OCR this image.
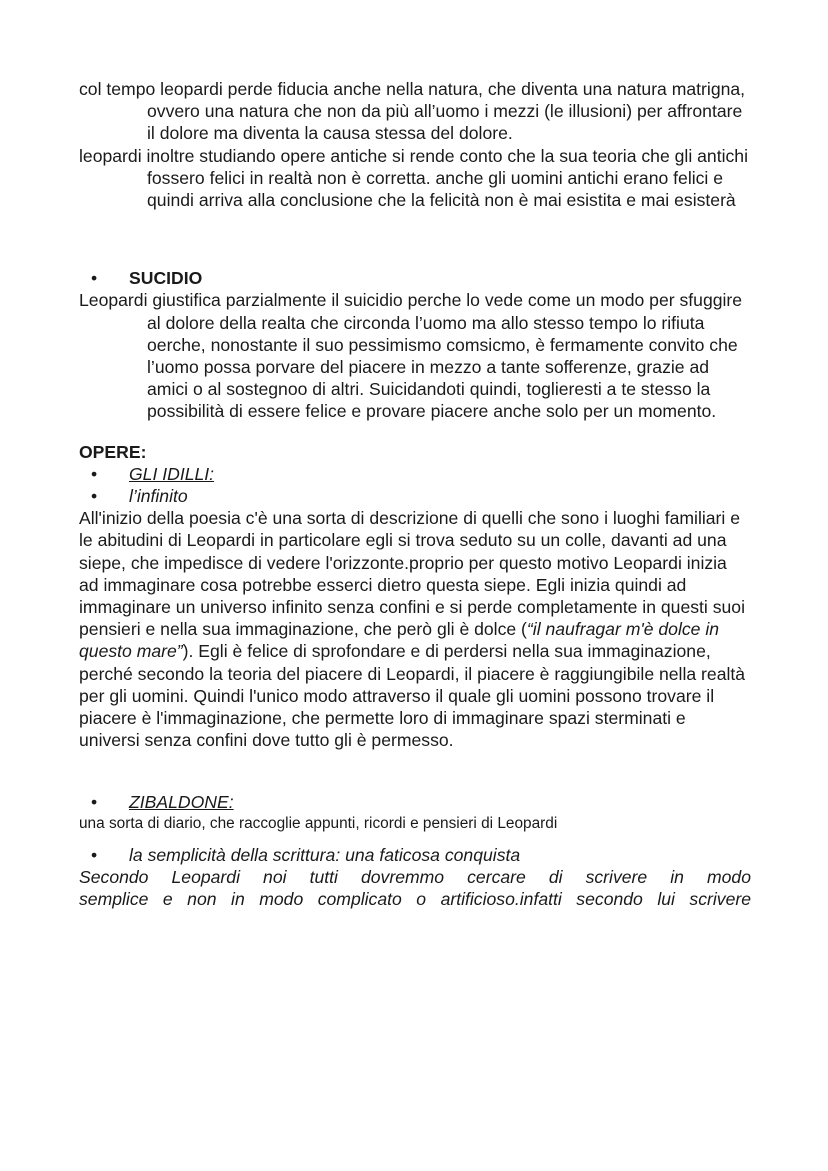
col tempo leopardi perde fiducia anche nella natura, che diventa una natura matrigna, ovvero una natura che non da più all’uomo i mezzi (le illusioni) per affrontare il dolore ma diventa la causa stessa del dolore.

leopardi inoltre studiando opere antiche si rende conto che la sua teoria che gli antichi fossero felici in realtà non è corretta. anche gli uomini antichi erano felici e quindi arriva alla conclusione che la felicità non è mai esistita e mai esisterà

•	SUCIDIO

Leopardi giustifica parzialmente il suicidio perche lo vede come un modo per sfuggire al dolore della realta che circonda l’uomo ma allo stesso tempo lo rifiuta oerche, nonostante il suo pessimismo comsicmo, è fermamente convito che l’uomo possa porvare del piacere in mezzo a tante sofferenze, grazie ad amici o al sostegnoo di altri. Suicidandoti quindi, toglieresti a te stesso la possibilità di essere felice e provare piacere anche solo per un momento.

OPERE:

•	GLI IDILLI:
•	l’infinito

All'inizio della poesia c'è una sorta di descrizione di quelli che sono i luoghi familiari e le abitudini di Leopardi in particolare egli si trova seduto su un colle, davanti ad una siepe, che impedisce di vedere l'orizzonte.proprio per questo motivo Leopardi inizia ad immaginare cosa potrebbe esserci dietro questa siepe. Egli inizia quindi ad immaginare un universo infinito senza confini e si perde completamente in questi suoi pensieri e nella sua immaginazione, che però gli è dolce (“il naufragar m'è dolce in questo mare”). Egli è felice di sprofondare e di perdersi nella sua immaginazione, perché secondo la teoria del piacere di Leopardi, il piacere è raggiungibile nella realtà per gli uomini. Quindi l'unico modo attraverso il quale gli uomini possono trovare il piacere è l'immaginazione, che permette loro di immaginare spazi sterminati e universi senza confini dove tutto gli è permesso.

•	ZIBALDONE:

una sorta di diario, che raccoglie appunti, ricordi e pensieri di Leopardi

•	la semplicità della scrittura: una faticosa conquista

Secondo Leopardi noi tutti dovremmo cercare di scrivere in modo

semplice e non in modo complicato o artificioso.infatti secondo lui scrivere
